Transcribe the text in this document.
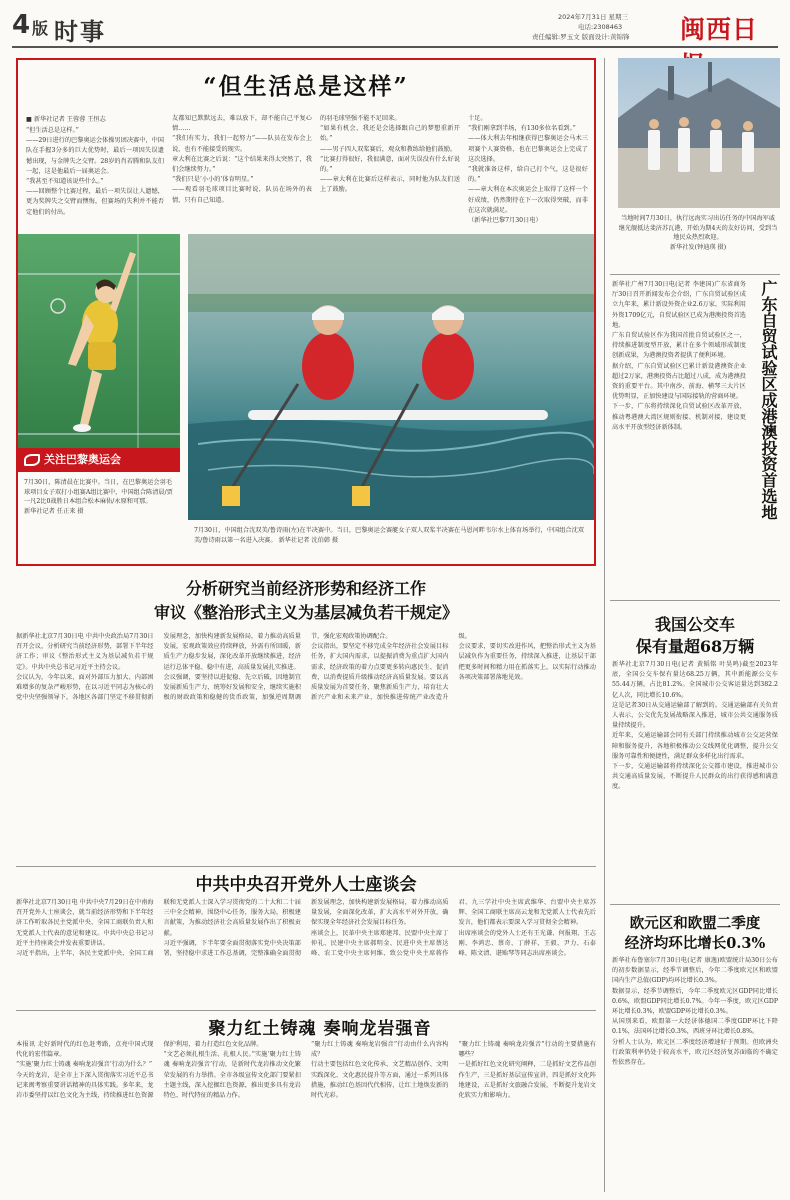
4 版 时事
2024年7月31日 星期三
电话:2308463
责任编辑:罗玉文 版面设计:黄锦锋 闽西日
“但生活总是这样”
■ 新华社记者 王蓉蓉 王恒志
“但生活总是这样。”
——29日进行的巴黎奥运会体操男团决赛中，中国队在手握3分多的巨大优势时，最后一项因失误遗憾出现，与金牌失之交臂。28岁的肖若腾和队友们一起，这是他最后一届奥运会。
“我甚至不知道该说些什么。”
——回顾整个比赛过程，最后一项失误让人遗憾，更为奖牌失之交臂而懊悔，但赛场的失利并不能否定他们的付出。
友都知已默默远去，难以放下，却不能自己平复心情……
“我们有实力，我们一起努力”——队员在发布会上说，也有不能接受的现实。
章大利在比赛之后说：“这个结果来得太突然了，我们会继续努力。”
“我们只是‘小小的’体育明星。”
——观看羽毛球项目比赛时说，队员在场外的表情，只有自己知道。
的羽毛球坚强不能不足回来。
“如果有机会，我还是会选择跟自己的梦想重新开始。”
——男子四人双桨赛后，观众和教练给他们鼓励。
“比赛打得很好，我很满意，面对失误没有什么好说的。”
——章大利在比赛后这样表示，同时他为队友们送上了鼓励。
十足。
“我们刚拿到半场，有130多位名看到。”
——体大利去年相继获得巴黎奥运会马术三项赛个人赛资格，也在巴黎奥运会上完成了这次选择。
“我就准备这样，给自己打个气，这是很好的。”
——章大利在本次奥运会上取得了这样一个好成绩，仍然期待在下一次取得突破，而非在这次就满足。
（新华社巴黎7月30日电）
关注巴黎奥运会
7月30日，陈清晨在比赛中。当日，在巴黎奥运会羽毛球项目女子双打小组赛A组比赛中，中国组合陈清晨/贾一凡2比0战胜日本组合松本麻佑/永原和可那。
新华社记者 任正来 摄
7月30日，中国组合沈双美/鲁诗雨(左)在半决赛中。当日，巴黎奥运会赛艇女子双人双桨半决赛在马恩河畔韦尔水上体育场举行，中国组合沈双美/鲁诗雨以第一名进入决赛。 新华社记者 沈伯韩 摄
当地时间7月30日，执行远海实习出访任务的中国海军戚继光舰抵达斐济苏瓦港，开始为期4天的友好访问，受到当地民众热烈欢迎。
新华社发(钟迪瑛 摄)
广东自贸试验区成港澳投资首选地
新华社广州7月30日电(记者 李建国)广东省商务厅30日召开新闻发布会介绍，广东自贸试验区成立九年来，累计新设外资企业2.6万家，实际利用外资1709亿元，自贸试验区已成为港澳投资首选地。
广东自贸试验区作为我国首批自贸试验区之一，持续推进制度型开放，累计在多个领域形成制度创新成果，为港澳投资者提供了便利环境。
据介绍，广东自贸试验区已累计新设港澳资企业超过2万家，港澳投资占比超过八成，成为港澳投资的重要平台。其中南沙、前海、横琴三大片区优势明显，正加快建设与国际接轨的营商环境。
下一步，广东将持续深化自贸试验区改革开放，推动粤港澳大湾区规则衔接、机制对接，建设更高水平开放型经济新体制。
我国公交车
保有量超68万辆
新华社北京7月30日电(记者 黄韬铭 叶昊鸣)截至2023年底，全国公交车保有量达68.25万辆，其中新能源公交车55.44万辆，占比81.2%。全国城市公交客运量达到382.2亿人次，同比增长10.6%。
这是记者30日从交通运输部了解到的。交通运输部有关负责人表示，公交优先发展战略深入推进，城市公共交通服务质量持续提升。
近年来，交通运输部会同有关部门持续推动城市公交运营保障和服务提升，各地积极推动公交线网优化调整，提升公交服务可靠性和便捷性，满足群众多样化出行需求。
下一步，交通运输部将持续深化公交都市建设，推进城市公共交通高质量发展，不断提升人民群众的出行获得感和满意度。
欧元区和欧盟二季度
经济均环比增长0.3%
新华社布鲁塞尔7月30日电(记者 康逸)欧盟统计局30日公布的初步数据显示，经季节调整后，今年二季度欧元区和欧盟国内生产总值(GDP)均环比增长0.3%。
数据显示，经季节调整后，今年二季度欧元区GDP同比增长0.6%，欧盟GDP同比增长0.7%。今年一季度，欧元区GDP环比增长0.3%，欧盟GDP环比增长0.3%。
从国别来看，欧盟第一大经济体德国二季度GDP环比下降0.1%，法国环比增长0.3%，西班牙环比增长0.8%。
分析人士认为，欧元区二季度经济增速好于预期。但欧洲央行政策利率仍处于较高水平，欧元区经济复苏面临的不确定性依然存在。
分析研究当前经济形势和经济工作
审议《整治形式主义为基层减负若干规定》
据新华社北京7月30日电 中共中央政治局7月30日召开会议，分析研究当前经济形势，部署下半年经济工作；审议《整治形式主义为基层减负若干规定》。中共中央总书记习近平主持会议。
会议认为，今年以来，面对外部压力加大、内部困难增多的复杂严峻形势，在以习近平同志为核心的党中央坚强领导下，各地区各部门坚定不移贯彻新发展理念，加快构建新发展格局，着力推动高质量发展，宏观政策效应持续释放，外需有所回暖，新质生产力稳步发展，深化改革开放继续推进，经济运行总体平稳、稳中有进，高质量发展扎实推进。
会议强调，要坚持以进促稳、先立后破，因地制宜发展新质生产力，统筹好发展和安全，继续实施积极的财政政策和稳健的货币政策，加强逆周期调节，强化宏观政策协调配合。
会议指出，要坚定不移完成全年经济社会发展目标任务，扩大国内需求，以提振消费为重点扩大国内需求，经济政策的着力点要更多转向惠民生、促消费，以消费提质升级推动经济高质量发展。要以高质量发展为首要任务，聚焦新质生产力，培育壮大新兴产业和未来产业，加快推进传统产业改造升级。
会议要求，要切实改进作风，把整治形式主义为基层减负作为重要任务，持续深入推进，让基层干部把更多时间和精力用在抓落实上，以实际行动推动各项决策部署落地见效。
中共中央召开党外人士座谈会
新华社北京7月30日电 中共中央7月29日在中南海召开党外人士座谈会，就当前经济形势和下半年经济工作听取各民主党派中央、全国工商联负责人和无党派人士代表的意见和建议。中共中央总书记习近平主持座谈会并发表重要讲话。
习近平指出，上半年，各民主党派中央、全国工商联和无党派人士深入学习贯彻党的二十大和二十届三中全会精神，围绕中心任务，服务大局，积极建言献策，为推动经济社会高质量发展作出了积极贡献。
习近平强调，下半年要全面贯彻落实党中央决策部署，坚持稳中求进工作总基调，完整准确全面贯彻新发展理念，加快构建新发展格局，着力推动高质量发展，全面深化改革，扩大高水平对外开放，确保实现全年经济社会发展目标任务。
座谈会上，民革中央主席郑建邦、民盟中央主席丁仲礼、民建中央主席郝明金、民进中央主席蔡达峰、农工党中央主席何维、致公党中央主席蒋作君、九三学社中央主席武维华、台盟中央主席苏辉、全国工商联主席高云龙和无党派人士代表先后发言，他们都表示要深入学习贯彻全会精神。
出席座谈会的党外人士还有王光谦、何报翔、王志刚、李鸿忠、蔡奇、丁薛祥、王毅、尹力、石泰峰、陈文清、谌贻琴等同志出席座谈会。
聚力红土铸魂 奏响龙岩强音
本报讯 走好新时代的红色赶考路，点亮中国式现代化的宏伟篇章。
“实施‘聚力红土铸魂 奏响龙岩强音’行动为什么？”
今天的龙岩，是全市上下深入贯彻落实习近平总书记来闽考察重要讲话精神的具体实践。多年来，龙岩市委坚持以红色文化为主线，持续推进红色资源保护利用，着力打造红色文化品牌。
“文艺必须扎根生活、扎根人民。”实施‘聚力红土铸魂 奏响龙岩强音’行动，是新时代龙岩推动文化繁荣发展的有力举措。全市各级宣传文化部门要紧扣主题主线，深入挖掘红色资源，推出更多具有龙岩特色、时代特征的精品力作。
“聚力红土铸魂 奏响龙岩强音”行动由什么内容构成？
行动主要包括红色文化传承、文艺精品创作、文明实践深化、文化惠民提升等方面，通过一系列具体措施，推动红色基因代代相传，让红土地焕发新的时代光彩。
“聚力红土铸魂 奏响龙岩强音”行动的主要措施有哪些？
一是抓好红色文化研究阐释，二是抓好文艺作品创作生产，三是抓好基层宣传宣讲，四是抓好文化阵地建设，五是抓好文旅融合发展，不断提升龙岩文化软实力和影响力。
